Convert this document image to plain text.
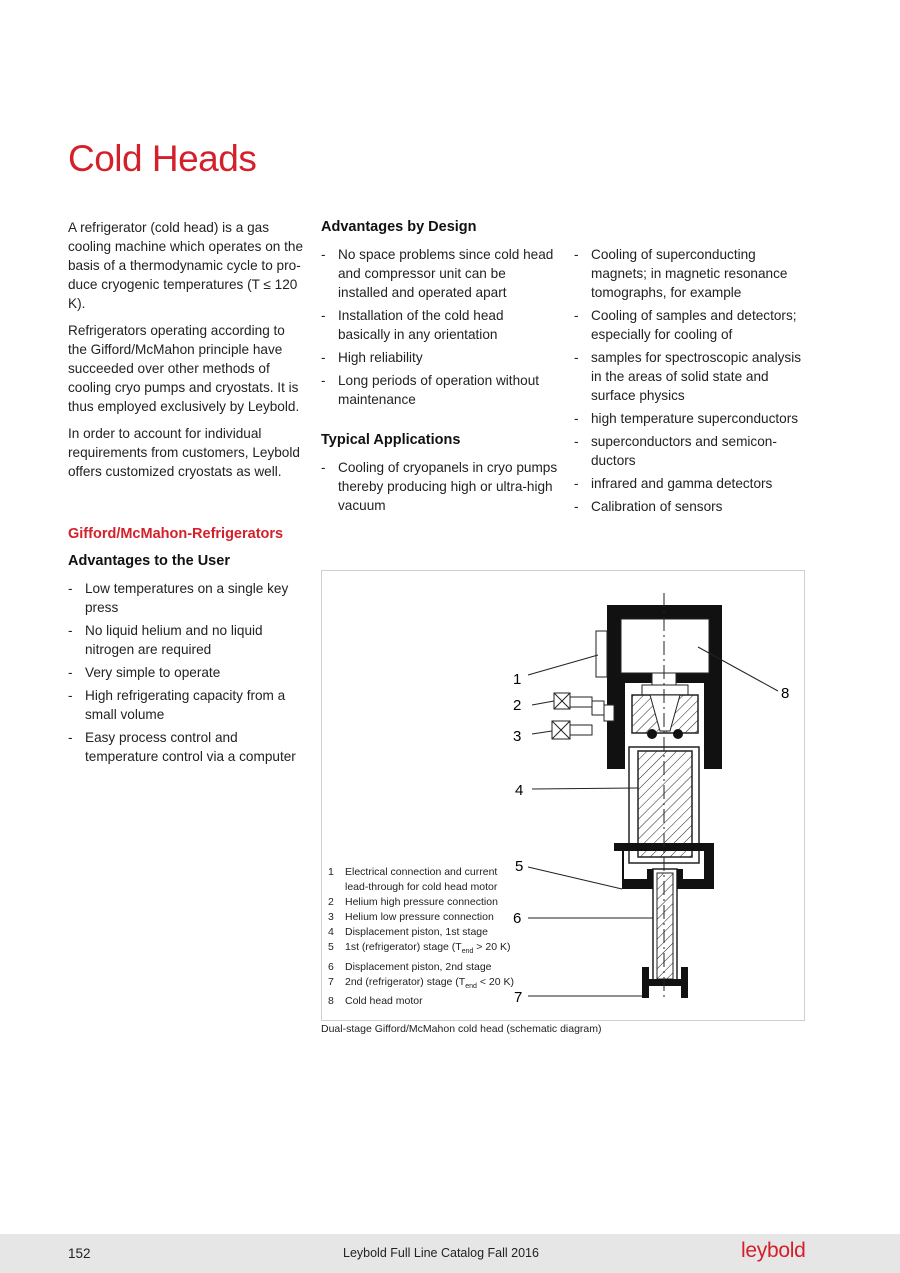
Cold Heads

A refrigerator (cold head) is a gas cooling machine which operates on the basis of a thermodynamic cycle to produce cryogenic temperatures (T ≤ 120 K).

Refrigerators operating according to the Gifford/McMahon principle have succeeded over other methods of cooling cryo pumps and cryostats. It is thus employed exclusively by Leybold.

In order to account for individual requirements from customers, Leybold offers customized cryostats as well.

Gifford/McMahon-Refrigerators
Advantages to the User
- Low temperatures on a single key press
- No liquid helium and no liquid nitrogen are required
- Very simple to operate
- High refrigerating capacity from a small volume
- Easy process control and temperature control via a computer
Advantages by Design
- No space problems since cold head and compressor unit can be installed and operated apart
- Installation of the cold head basically in any orientation
- High reliability
- Long periods of operation without maintenance
Typical Applications
- Cooling of cryopanels in cryo pumps thereby producing high or ultra-high vacuum
- Cooling of superconducting magnets; in magnetic resonance tomographs, for example
- Cooling of samples and detectors; especially for cooling of
- samples for spectroscopic analysis in the areas of solid state and surface physics
- high temperature superconductors
- superconductors and semiconductors
- infrared and gamma detectors
- Calibration of sensors
1
2
3
4
5
6
7
8
1	Electrical connection and current
lead-through for cold head motor
2	Helium high pressure connection
3	Helium low pressure connection
4	Displacement piston, 1st stage
5	1st (refrigerator) stage ($T_{end} > 20$ K)
6	Displacement piston, 2nd stage
7	2nd (refrigerator) stage ($T_{end} < 20$ K)
8	Cold head motor
Dual-stage Gifford/McMahon cold head (schematic diagram)
152	Leybold Full Line Catalog Fall 2016	leybold
